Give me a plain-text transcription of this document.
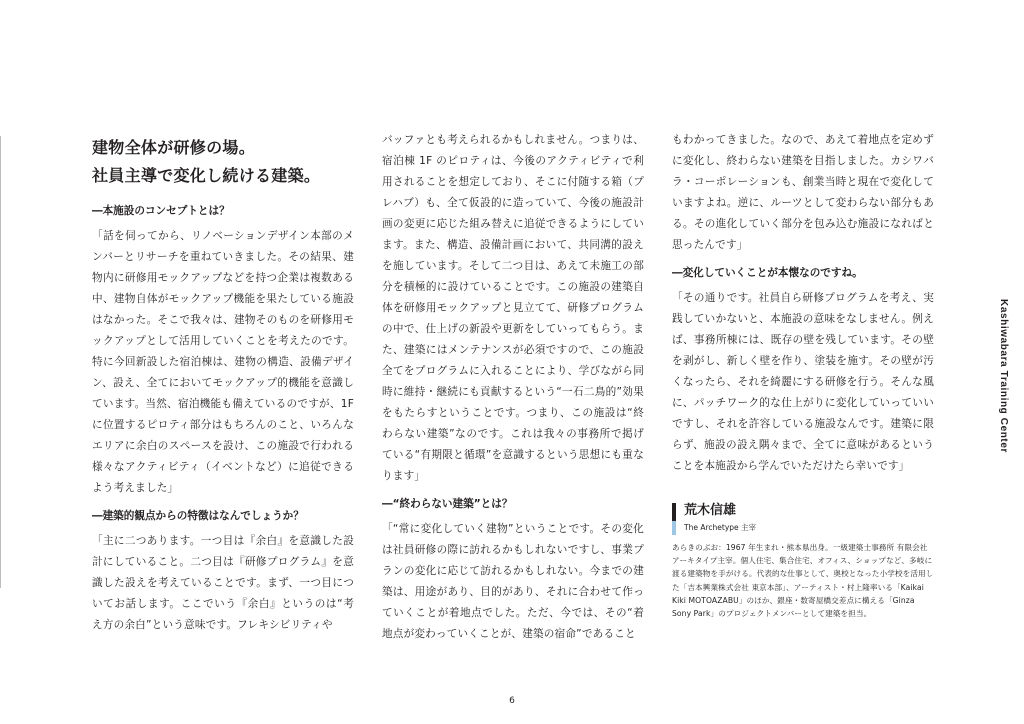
建物全体が研修の場。
社員主導で変化し続ける建築。
―本施設のコンセプトとは？
「話を伺ってから、リノベーションデザイン本部のメンバーとリサーチを重ねていきました。その結果、建物内に研修用モックアップなどを持つ企業は複数ある中、建物自体がモックアップ機能を果たしている施設はなかった。そこで我々は、建物そのものを研修用モックアップとして活用していくことを考えたのです。特に今回新設した宿泊棟は、建物の構造、設備デザイン、設え、全てにおいてモックアップ的機能を意識しています。当然、宿泊機能も備えているのですが、1F に位置するピロティ部分はもちろんのこと、いろんなエリアに余白のスペースを設け、この施設で行われる様々なアクティビティ（イベントなど）に追従できるよう考えました」
―建築的観点からの特徴はなんでしょうか？
「主に二つあります。一つ目は『余白』を意識した設計にしていること。二つ目は『研修プログラム』を意識した設えを考えていることです。まず、一つ目についてお話します。ここでいう『余白』というのは“考え方の余白”という意味です。フレキシビリティや
バッファとも考えられるかもしれません。つまりは、宿泊棟 1F のピロティは、今後のアクティビティで利用されることを想定しており、そこに付随する箱（プレハブ）も、全て仮設的に造っていて、今後の施設計画の変更に応じた組み替えに追従できるようにしています。また、構造、設備計画において、共同溝的設えを施しています。そして二つ目は、あえて未施工の部分を積極的に設けていることです。この施設の建築自体を研修用モックアップと見立てて、研修プログラムの中で、仕上げの新設や更新をしていってもらう。また、建築にはメンテナンスが必須ですので、この施設全てをプログラムに入れることにより、学びながら同時に維持・継続にも貢献するという“一石二鳥的”効果をもたらすということです。つまり、この施設は“終わらない建築”なのです。これは我々の事務所で掲げている“有期限と循環”を意識するという思想にも重なります」
―“終わらない建築”とは？
「“常に変化していく建物”ということです。その変化は社員研修の際に訪れるかもしれないですし、事業プランの変化に応じて訪れるかもしれない。今までの建築は、用途があり、目的があり、それに合わせて作っていくことが着地点でした。ただ、今では、その“着地点が変わっていくことが、建築の宿命”であること
もわかってきました。なので、あえて着地点を定めずに変化し、終わらない建築を目指しました。カシワバラ・コーポレーションも、創業当時と現在で変化していますよね。逆に、ルーツとして変わらない部分もある。その進化していく部分を包み込む施設になればと思ったんです」
―変化していくことが本懐なのですね。
「その通りです。社員自ら研修プログラムを考え、実践していかないと、本施設の意味をなしません。例えば、事務所棟には、既存の壁を残しています。その壁を剥がし、新しく壁を作り、塗装を施す。その壁が汚くなったら、それを綺麗にする研修を行う。そんな風に、パッチワーク的な仕上がりに変化していっていいですし、それを許容している施設なんです。建築に限らず、施設の設え隅々まで、全てに意味があるということを本施設から学んでいただけたら幸いです」
荒木信雄
The Archetype 主宰
あらきのぶお：1967 年生まれ・熊本県出身。一級建築士事務所 有限会社アーキタイプ主宰。個人住宅、集合住宅、オフィス、ショップなど、多岐に渡る建築物を手がける。代表的な仕事として、奥校となった小学校を活用した「吉本興業株式会社 東京本部」、アーティスト・村上隆率いる「Kaikai Kiki MOTOAZABU」のほか、銀座・数寄屋橋交差点に構える「Ginza Sony Park」のプロジェクトメンバーとして建築を担当。
Kashiwabara Training Center
6
